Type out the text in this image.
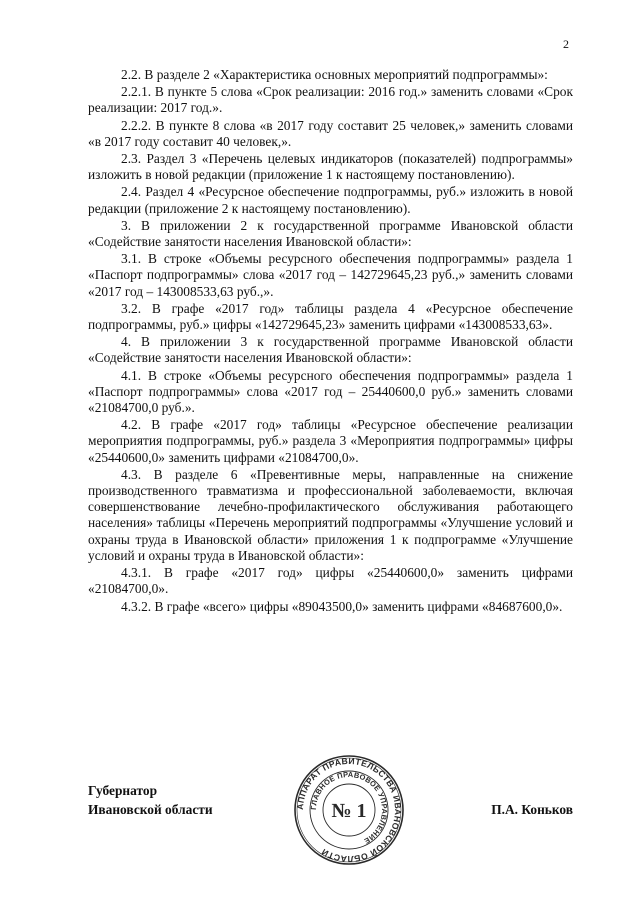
2

2.2. В разделе 2 «Характеристика основных мероприятий подпрограммы»:

2.2.1. В пункте 5 слова «Срок реализации: 2016 год.» заменить словами «Срок реализации: 2017 год.».

2.2.2. В пункте 8 слова «в 2017 году составит 25 человек,» заменить словами «в 2017 году составит 40 человек,».

2.3. Раздел 3 «Перечень целевых индикаторов (показателей) подпрограммы» изложить в новой редакции (приложение 1 к настоящему постановлению).

2.4. Раздел 4 «Ресурсное обеспечение подпрограммы, руб.» изложить в новой редакции (приложение 2 к настоящему постановлению).

3. В приложении 2 к государственной программе Ивановской области «Содействие занятости населения Ивановской области»:

3.1. В строке «Объемы ресурсного обеспечения подпрограммы» раздела 1 «Паспорт подпрограммы» слова «2017 год – 142729645,23 руб.,» заменить словами «2017 год – 143008533,63 руб.,».

3.2. В графе «2017 год» таблицы раздела 4 «Ресурсное обеспечение подпрограммы, руб.» цифры «142729645,23» заменить цифрами «143008533,63».

4. В приложении 3 к государственной программе Ивановской области «Содействие занятости населения Ивановской области»:

4.1. В строке «Объемы ресурсного обеспечения подпрограммы» раздела 1 «Паспорт подпрограммы» слова «2017 год – 25440600,0 руб.» заменить словами «21084700,0 руб.».

4.2. В графе «2017 год» таблицы «Ресурсное обеспечение реализации мероприятия подпрограммы, руб.» раздела 3 «Мероприятия подпрограммы» цифры «25440600,0» заменить цифрами «21084700,0».

4.3. В разделе 6 «Превентивные меры, направленные на снижение производственного травматизма и профессиональной заболеваемости, включая совершенствование лечебно-профилактического обслуживания работающего населения» таблицы «Перечень мероприятий подпрограммы «Улучшение условий и охраны труда в Ивановской области» приложения 1 к подпрограмме «Улучшение условий и охраны труда в Ивановской области»:

4.3.1. В графе «2017 год» цифры «25440600,0» заменить цифрами «21084700,0».

4.3.2. В графе «всего» цифры «89043500,0» заменить цифрами «84687600,0».

Губернатор
Ивановской области	АППАРАТ ПРАВИТЕЛЬСТВА ИВАНОВСКОЙ ОБЛАСТИ
ГЛАВНОЕ ПРАВОВОЕ УПРАВЛЕНИЕ
№ 1	П.А. Коньков
